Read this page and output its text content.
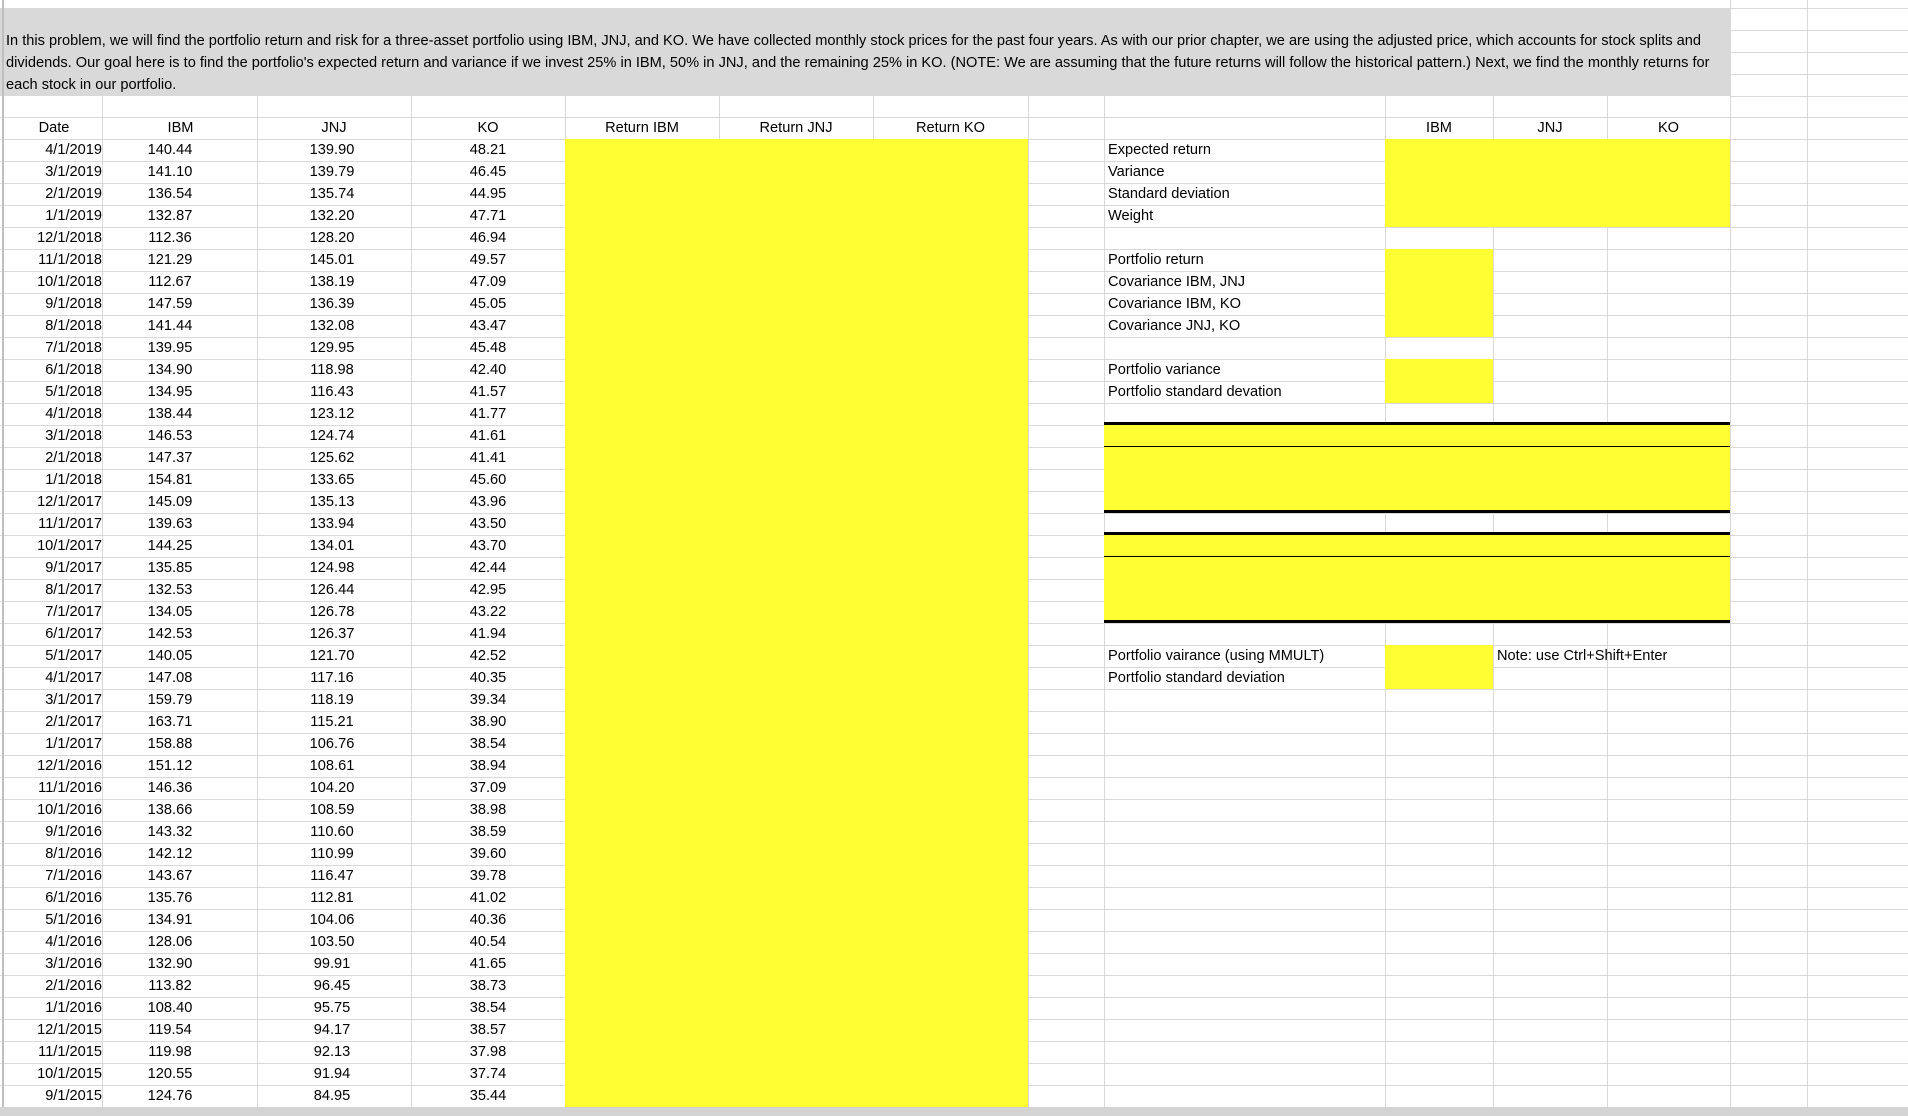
In this problem, we will find the portfolio return and risk for a three-asset portfolio using IBM, JNJ, and KO. We have collected monthly stock prices for the past four years. As with our prior chapter, we are using the adjusted price, which accounts for stock splits and dividends. Our goal here is to find the portfolio's expected return and variance if we invest 25% in IBM, 50% in JNJ, and the remaining 25% in KO. (NOTE: We are assuming that the future returns will follow the historical pattern.) Next, we find the monthly returns for each stock in our portfolio.
Date	IBM	JNJ	KO	Return IBM	Return JNJ	Return KO	IBM	JNJ	KO
4/1/2019	140.44	139.90	48.21
3/1/2019	141.10	139.79	46.45
2/1/2019	136.54	135.74	44.95
1/1/2019	132.87	132.20	47.71
12/1/2018	112.36	128.20	46.94
11/1/2018	121.29	145.01	49.57
10/1/2018	112.67	138.19	47.09
9/1/2018	147.59	136.39	45.05
8/1/2018	141.44	132.08	43.47
7/1/2018	139.95	129.95	45.48
6/1/2018	134.90	118.98	42.40
5/1/2018	134.95	116.43	41.57
4/1/2018	138.44	123.12	41.77
3/1/2018	146.53	124.74	41.61
2/1/2018	147.37	125.62	41.41
1/1/2018	154.81	133.65	45.60
12/1/2017	145.09	135.13	43.96
11/1/2017	139.63	133.94	43.50
10/1/2017	144.25	134.01	43.70
9/1/2017	135.85	124.98	42.44
8/1/2017	132.53	126.44	42.95
7/1/2017	134.05	126.78	43.22
6/1/2017	142.53	126.37	41.94
5/1/2017	140.05	121.70	42.52
4/1/2017	147.08	117.16	40.35
3/1/2017	159.79	118.19	39.34
2/1/2017	163.71	115.21	38.90
1/1/2017	158.88	106.76	38.54
12/1/2016	151.12	108.61	38.94
11/1/2016	146.36	104.20	37.09
10/1/2016	138.66	108.59	38.98
9/1/2016	143.32	110.60	38.59
8/1/2016	142.12	110.99	39.60
7/1/2016	143.67	116.47	39.78
6/1/2016	135.76	112.81	41.02
5/1/2016	134.91	104.06	40.36
4/1/2016	128.06	103.50	40.54
3/1/2016	132.90	99.91	41.65
2/1/2016	113.82	96.45	38.73
1/1/2016	108.40	95.75	38.54
12/1/2015	119.54	94.17	38.57
11/1/2015	119.98	92.13	37.98
10/1/2015	120.55	91.94	37.74
9/1/2015	124.76	84.95	35.44
Expected return
Variance
Standard deviation
Weight
Portfolio return
Covariance IBM, JNJ
Covariance IBM, KO
Covariance JNJ, KO
Portfolio variance
Portfolio standard devation
Portfolio vairance (using MMULT)
Portfolio standard deviation
Note: use Ctrl+Shift+Enter
